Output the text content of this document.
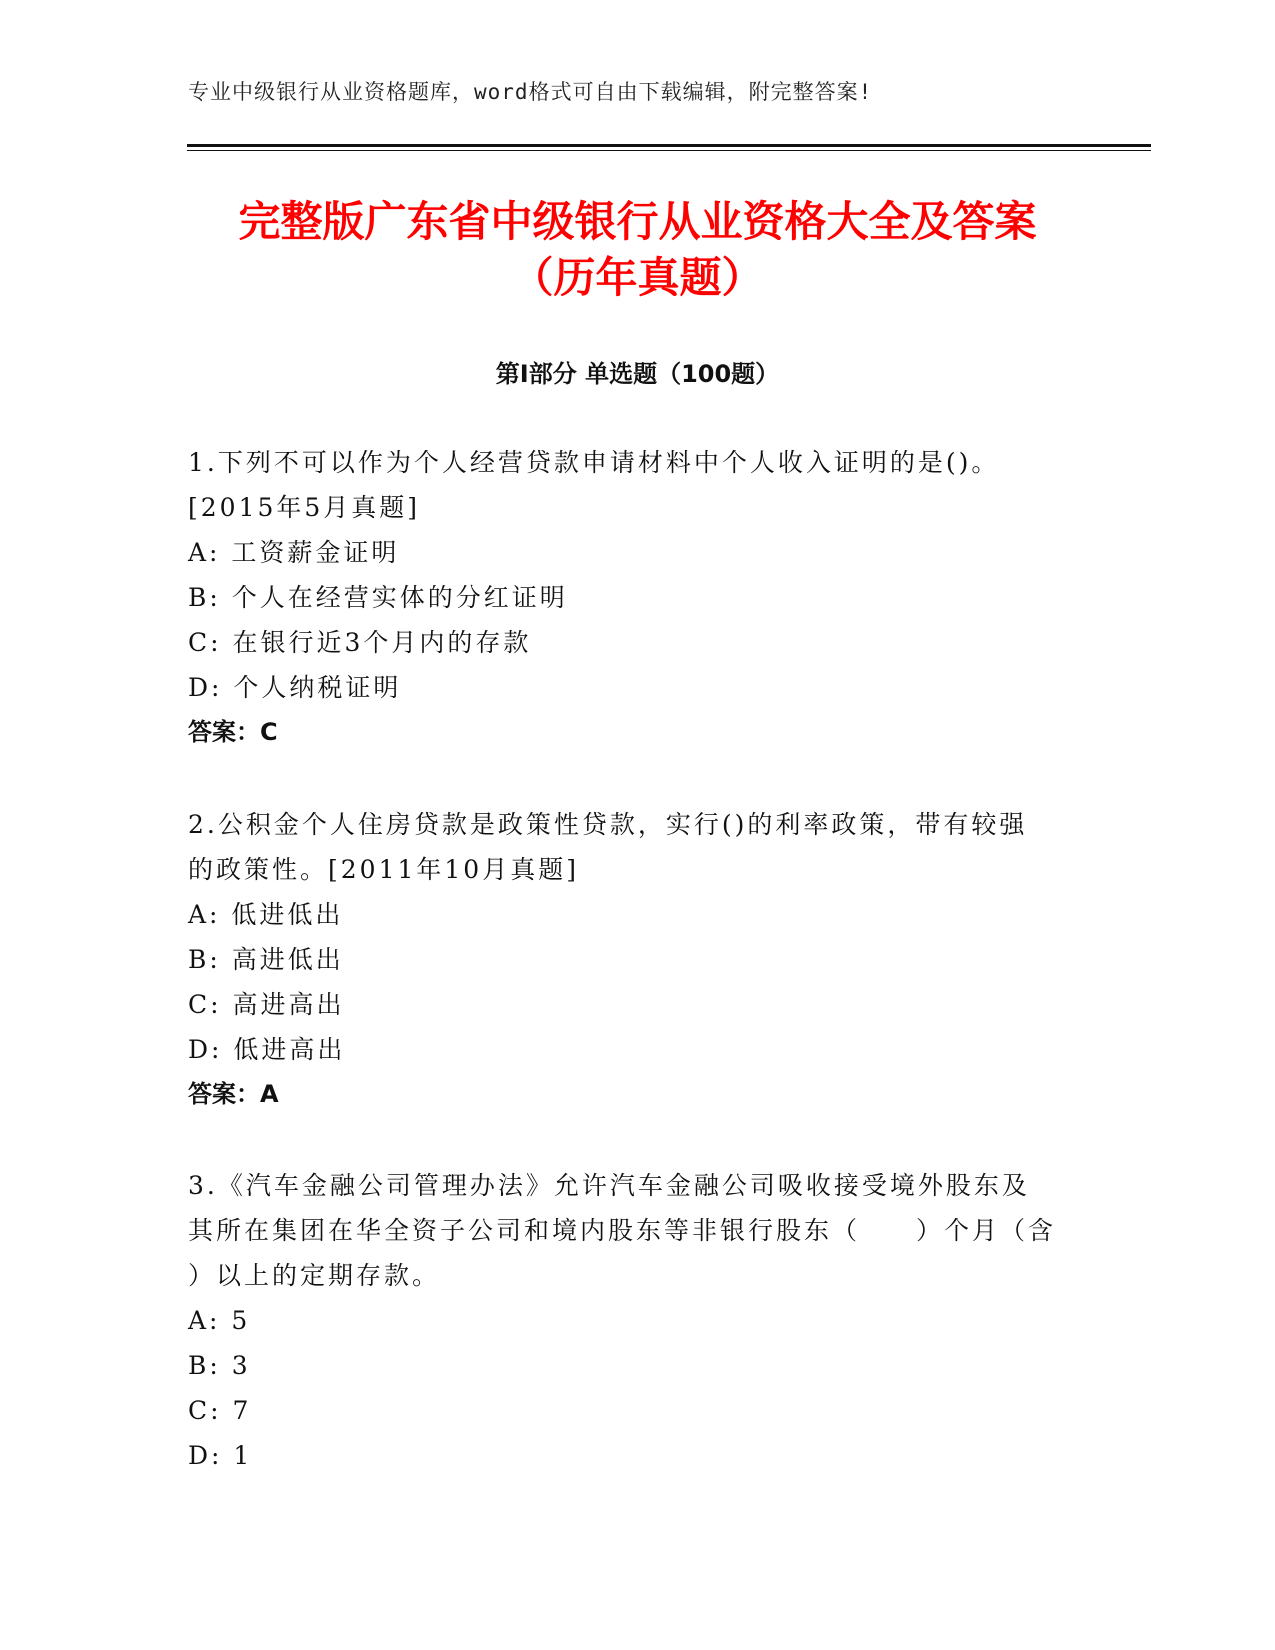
专业中级银行从业资格题库，word格式可自由下载编辑，附完整答案!
完整版广东省中级银行从业资格大全及答案
（历年真题）
第Ⅰ部分 单选题（100题）
1.下列不可以作为个人经营贷款申请材料中个人收入证明的是()。
[2015年5月真题]
A: 工资薪金证明
B: 个人在经营实体的分红证明
C: 在银行近3个月内的存款
D: 个人纳税证明
答案：C
2.公积金个人住房贷款是政策性贷款，实行()的利率政策，带有较强
的政策性。[2011年10月真题]
A: 低进低出
B: 高进低出
C: 高进高出
D: 低进高出
答案：A
3.《汽车金融公司管理办法》允许汽车金融公司吸收接受境外股东及
其所在集团在华全资子公司和境内股东等非银行股东（　　）个月（含
）以上的定期存款。
A: 5
B: 3
C: 7
D: 1
